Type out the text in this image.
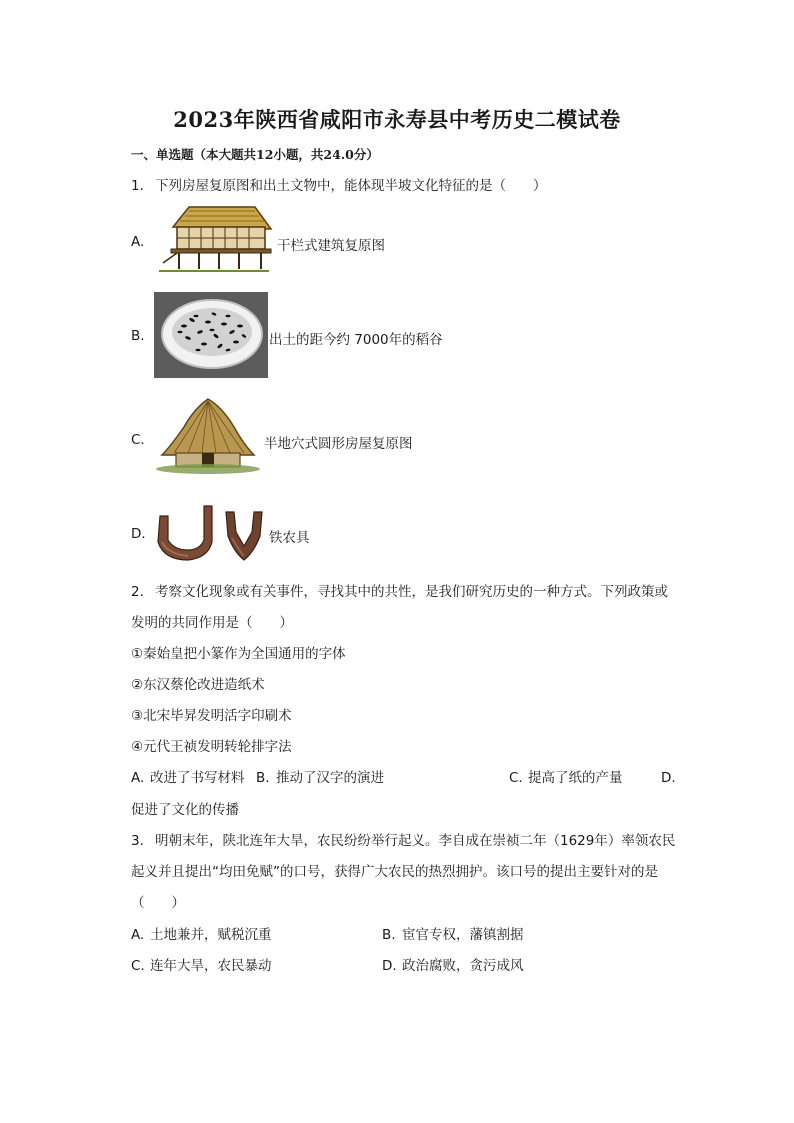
2023年陕西省咸阳市永寿县中考历史二模试卷
一、单选题（本大题共12小题，共24.0分）
1. 下列房屋复原图和出土文物中，能体现半坡文化特征的是（　　）
A.	干栏式建筑复原图
B.	出土的距今约 7000年的稻谷
C.	半地穴式圆形房屋复原图
D.	铁农具
2. 考察文化现象或有关事件，寻找其中的共性，是我们研究历史的一种方式。下列政策或
发明的共同作用是（　　）
①秦始皇把小篆作为全国通用的字体
②东汉蔡伦改进造纸术
③北宋毕昇发明活字印刷术
④元代王祯发明转轮排字法
A. 改进了书写材料 B. 推动了汉字的演进	C. 提高了纸的产量	D.
促进了文化的传播
3. 明朝末年，陕北连年大旱，农民纷纷举行起义。李自成在崇祯二年（1629年）率领农民
起义并且提出“均田免赋”的口号，获得广大农民的热烈拥护。该口号的提出主要针对的是
（　　）
A. 土地兼并，赋税沉重	B. 宦官专权，藩镇割据
C. 连年大旱，农民暴动	D. 政治腐败，贪污成风
